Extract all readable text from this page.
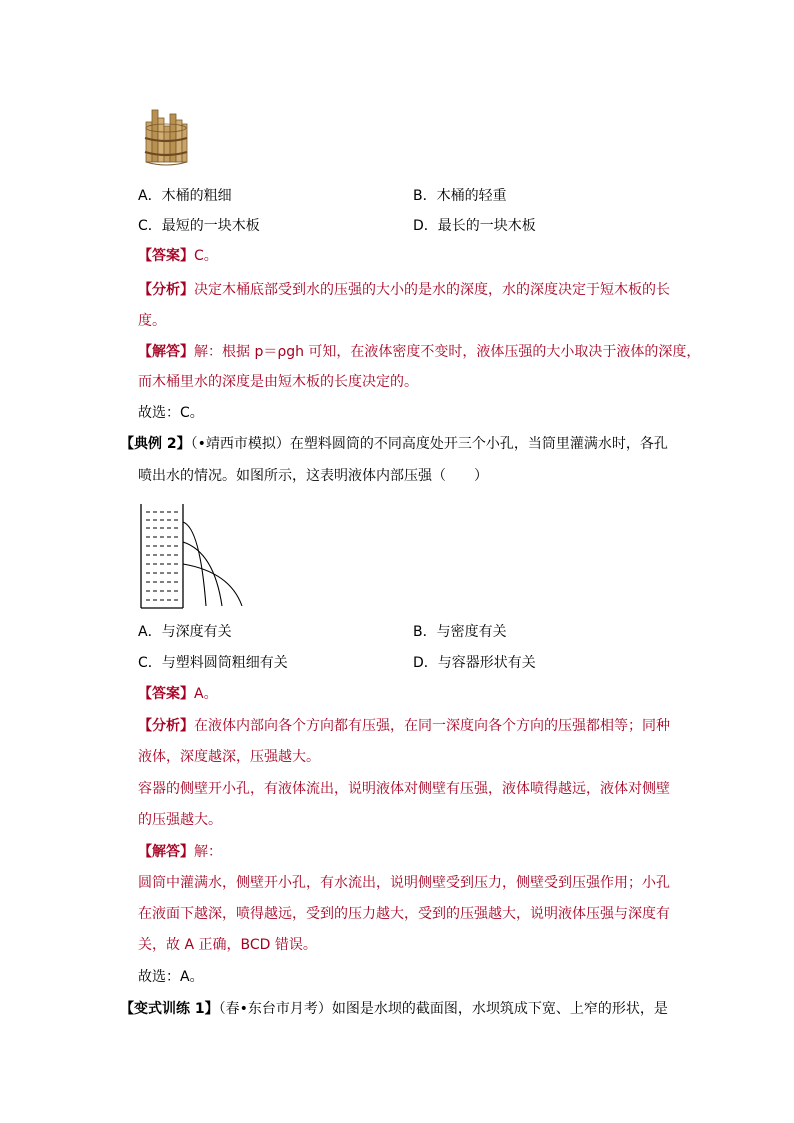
A．木桶的粗细	B．木桶的轻重
C．最短的一块木板	D．最长的一块木板
【答案】C。
【分析】决定木桶底部受到水的压强的大小的是水的深度，水的深度决定于短木板的长
度。
【解答】解：根据 p＝ρgh 可知，在液体密度不变时，液体压强的大小取决于液体的深度，
而木桶里水的深度是由短木板的长度决定的。
故选：C。
【典例 2】（•靖西市模拟）在塑料圆筒的不同高度处开三个小孔，当筒里灌满水时，各孔
喷出水的情况。如图所示，这表明液体内部压强（　　）
A．与深度有关	B．与密度有关
C．与塑料圆筒粗细有关	D．与容器形状有关
【答案】A。
【分析】在液体内部向各个方向都有压强，在同一深度向各个方向的压强都相等；同种
液体，深度越深，压强越大。
容器的侧壁开小孔，有液体流出，说明液体对侧壁有压强，液体喷得越远，液体对侧壁
的压强越大。
【解答】解：
圆筒中灌满水，侧壁开小孔，有水流出，说明侧壁受到压力，侧壁受到压强作用；小孔
在液面下越深，喷得越远，受到的压力越大，受到的压强越大，说明液体压强与深度有
关，故 A 正确，BCD 错误。
故选：A。
【变式训练 1】（春•东台市月考）如图是水坝的截面图，水坝筑成下宽、上窄的形状，是
